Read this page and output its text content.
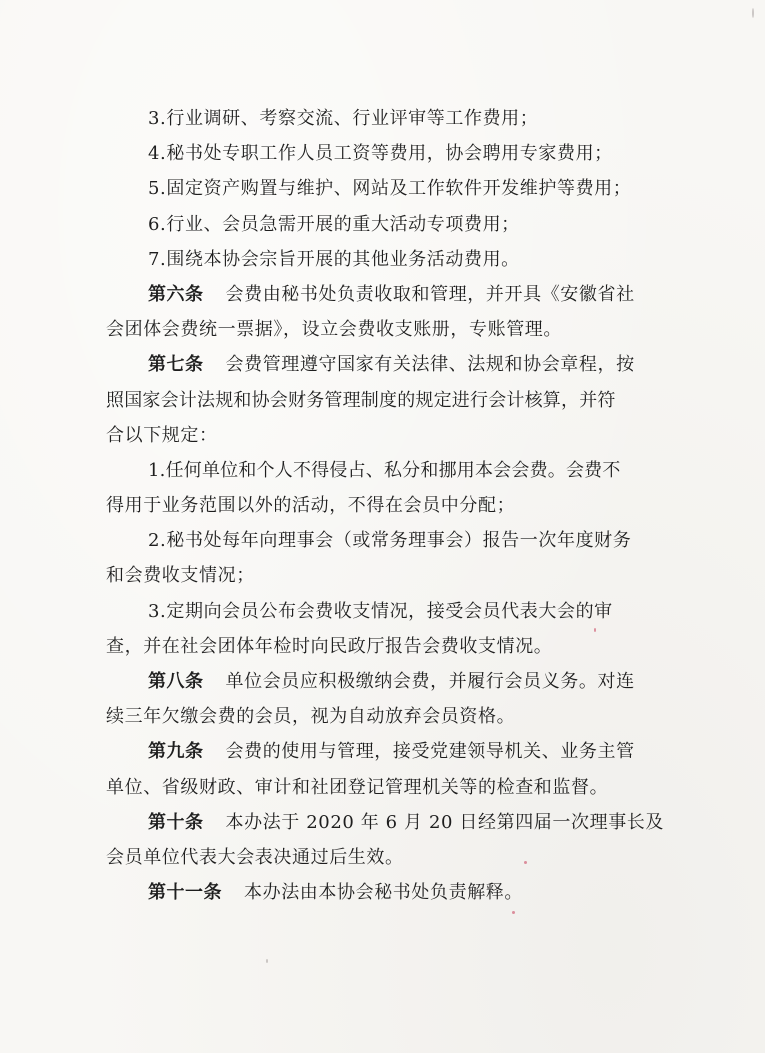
3.行业调研、考察交流、行业评审等工作费用；
4.秘书处专职工作人员工资等费用，协会聘用专家费用；
5.固定资产购置与维护、网站及工作软件开发维护等费用；
6.行业、会员急需开展的重大活动专项费用；
7.围绕本协会宗旨开展的其他业务活动费用。
第六条 会费由秘书处负责收取和管理，并开具《安徽省社
会团体会费统一票据》，设立会费收支账册，专账管理。
第七条 会费管理遵守国家有关法律、法规和协会章程，按
照国家会计法规和协会财务管理制度的规定进行会计核算，并符
合以下规定：
1.任何单位和个人不得侵占、私分和挪用本会会费。会费不
得用于业务范围以外的活动，不得在会员中分配；
2.秘书处每年向理事会（或常务理事会）报告一次年度财务
和会费收支情况；
3.定期向会员公布会费收支情况，接受会员代表大会的审
查，并在社会团体年检时向民政厅报告会费收支情况。
第八条 单位会员应积极缴纳会费，并履行会员义务。对连
续三年欠缴会费的会员，视为自动放弃会员资格。
第九条 会费的使用与管理，接受党建领导机关、业务主管
单位、省级财政、审计和社团登记管理机关等的检查和监督。
第十条 本办法于 2020 年 6 月 20 日经第四届一次理事长及
会员单位代表大会表决通过后生效。
第十一条 本办法由本协会秘书处负责解释。
